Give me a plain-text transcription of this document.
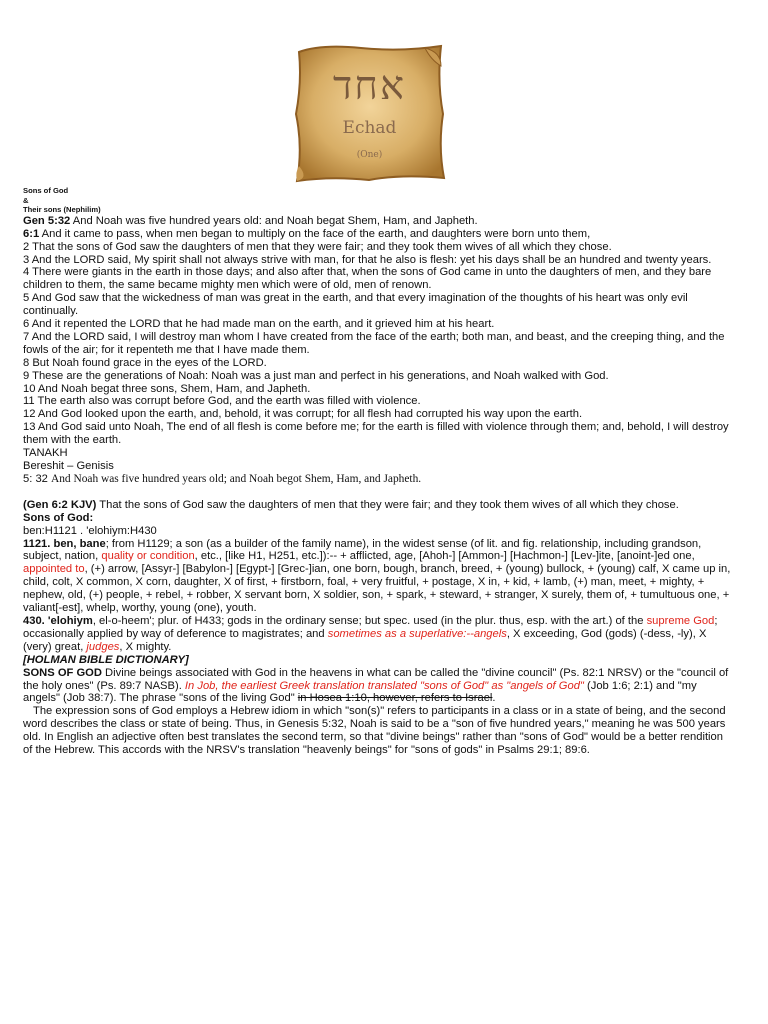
אחד
Echad
(One)
Sons of God
&
Their sons (Nephilim)

Gen 5:32 And Noah was five hundred years old: and Noah begat Shem, Ham, and Japheth.

6:1 And it came to pass, when men began to multiply on the face of the earth, and daughters were born unto them,

2 That the sons of God saw the daughters of men that they were fair; and they took them wives of all which they chose.

3 And the LORD said, My spirit shall not always strive with man, for that he also is flesh: yet his days shall be an hundred and twenty years.

4 There were giants in the earth in those days; and also after that, when the sons of God came in unto the daughters of men, and they bare children to them, the same became mighty men which were of old, men of renown.

5 And God saw that the wickedness of man was great in the earth, and that every imagination of the thoughts of his heart was only evil continually.

6 And it repented the LORD that he had made man on the earth, and it grieved him at his heart.

7 And the LORD said, I will destroy man whom I have created from the face of the earth; both man, and beast, and the creeping thing, and the fowls of the air; for it repenteth me that I have made them.

8 But Noah found grace in the eyes of the LORD.

9 These are the generations of Noah: Noah was a just man and perfect in his generations, and Noah walked with God.

10 And Noah begat three sons, Shem, Ham, and Japheth.

11 The earth also was corrupt before God, and the earth was filled with violence.

12 And God looked upon the earth, and, behold, it was corrupt; for all flesh had corrupted his way upon the earth.

13 And God said unto Noah, The end of all flesh is come before me; for the earth is filled with violence through them; and, behold, I will destroy them with the earth.

TANAKH

Bereshit – Genisis

5: 32 And Noah was five hundred years old; and Noah begot Shem, Ham, and Japheth.

(Gen 6:2 KJV) That the sons of God saw the daughters of men that they were fair; and they took them wives of all which they chose.

Sons of God:

ben:H1121 . 'elohiym:H430

1121. ben, bane; from H1129; a son (as a builder of the family name), in the widest sense (of lit. and fig. relationship, including grandson, subject, nation, quality or condition, etc., [like H1, H251, etc.]):-- + afflicted, age, [Ahoh-] [Ammon-] [Hachmon-] [Lev-]ite, [anoint-]ed one, appointed to, (+) arrow, [Assyr-] [Babylon-] [Egypt-] [Grec-]ian, one born, bough, branch, breed, + (young) bullock, + (young) calf, X came up in, child, colt, X common, X corn, daughter, X of first, + firstborn, foal, + very fruitful, + postage, X in, + kid, + lamb, (+) man, meet, + mighty, + nephew, old, (+) people, + rebel, + robber, X servant born, X soldier, son, + spark, + steward, + stranger, X surely, them of, + tumultuous one, + valiant[-est], whelp, worthy, young (one), youth.

430. 'elohiym, el-o-heem'; plur. of H433; gods in the ordinary sense; but spec. used (in the plur. thus, esp. with the art.) of the supreme God; occasionally applied by way of deference to magistrates; and sometimes as a superlative:--angels, X exceeding, God (gods) (-dess, -ly), X (very) great, judges, X mighty.

[HOLMAN BIBLE DICTIONARY]

SONS OF GOD Divine beings associated with God in the heavens in what can be called the "divine council" (Ps. 82:1 NRSV) or the "council of the holy ones" (Ps. 89:7 NASB). In Job, the earliest Greek translation translated "sons of God" as "angels of God" (Job 1:6; 2:1) and "my angels" (Job 38:7). The phrase "sons of the living God" in Hosea 1:10, however, refers to Israel.

The expression sons of God employs a Hebrew idiom in which "son(s)" refers to participants in a class or in a state of being, and the second word describes the class or state of being. Thus, in Genesis 5:32, Noah is said to be a "son of five hundred years," meaning he was 500 years old. In English an adjective often best translates the second term, so that "divine beings" rather than "sons of God" would be a better rendition of the Hebrew. This accords with the NRSV's translation "heavenly beings" for "sons of gods" in Psalms 29:1; 89:6.
